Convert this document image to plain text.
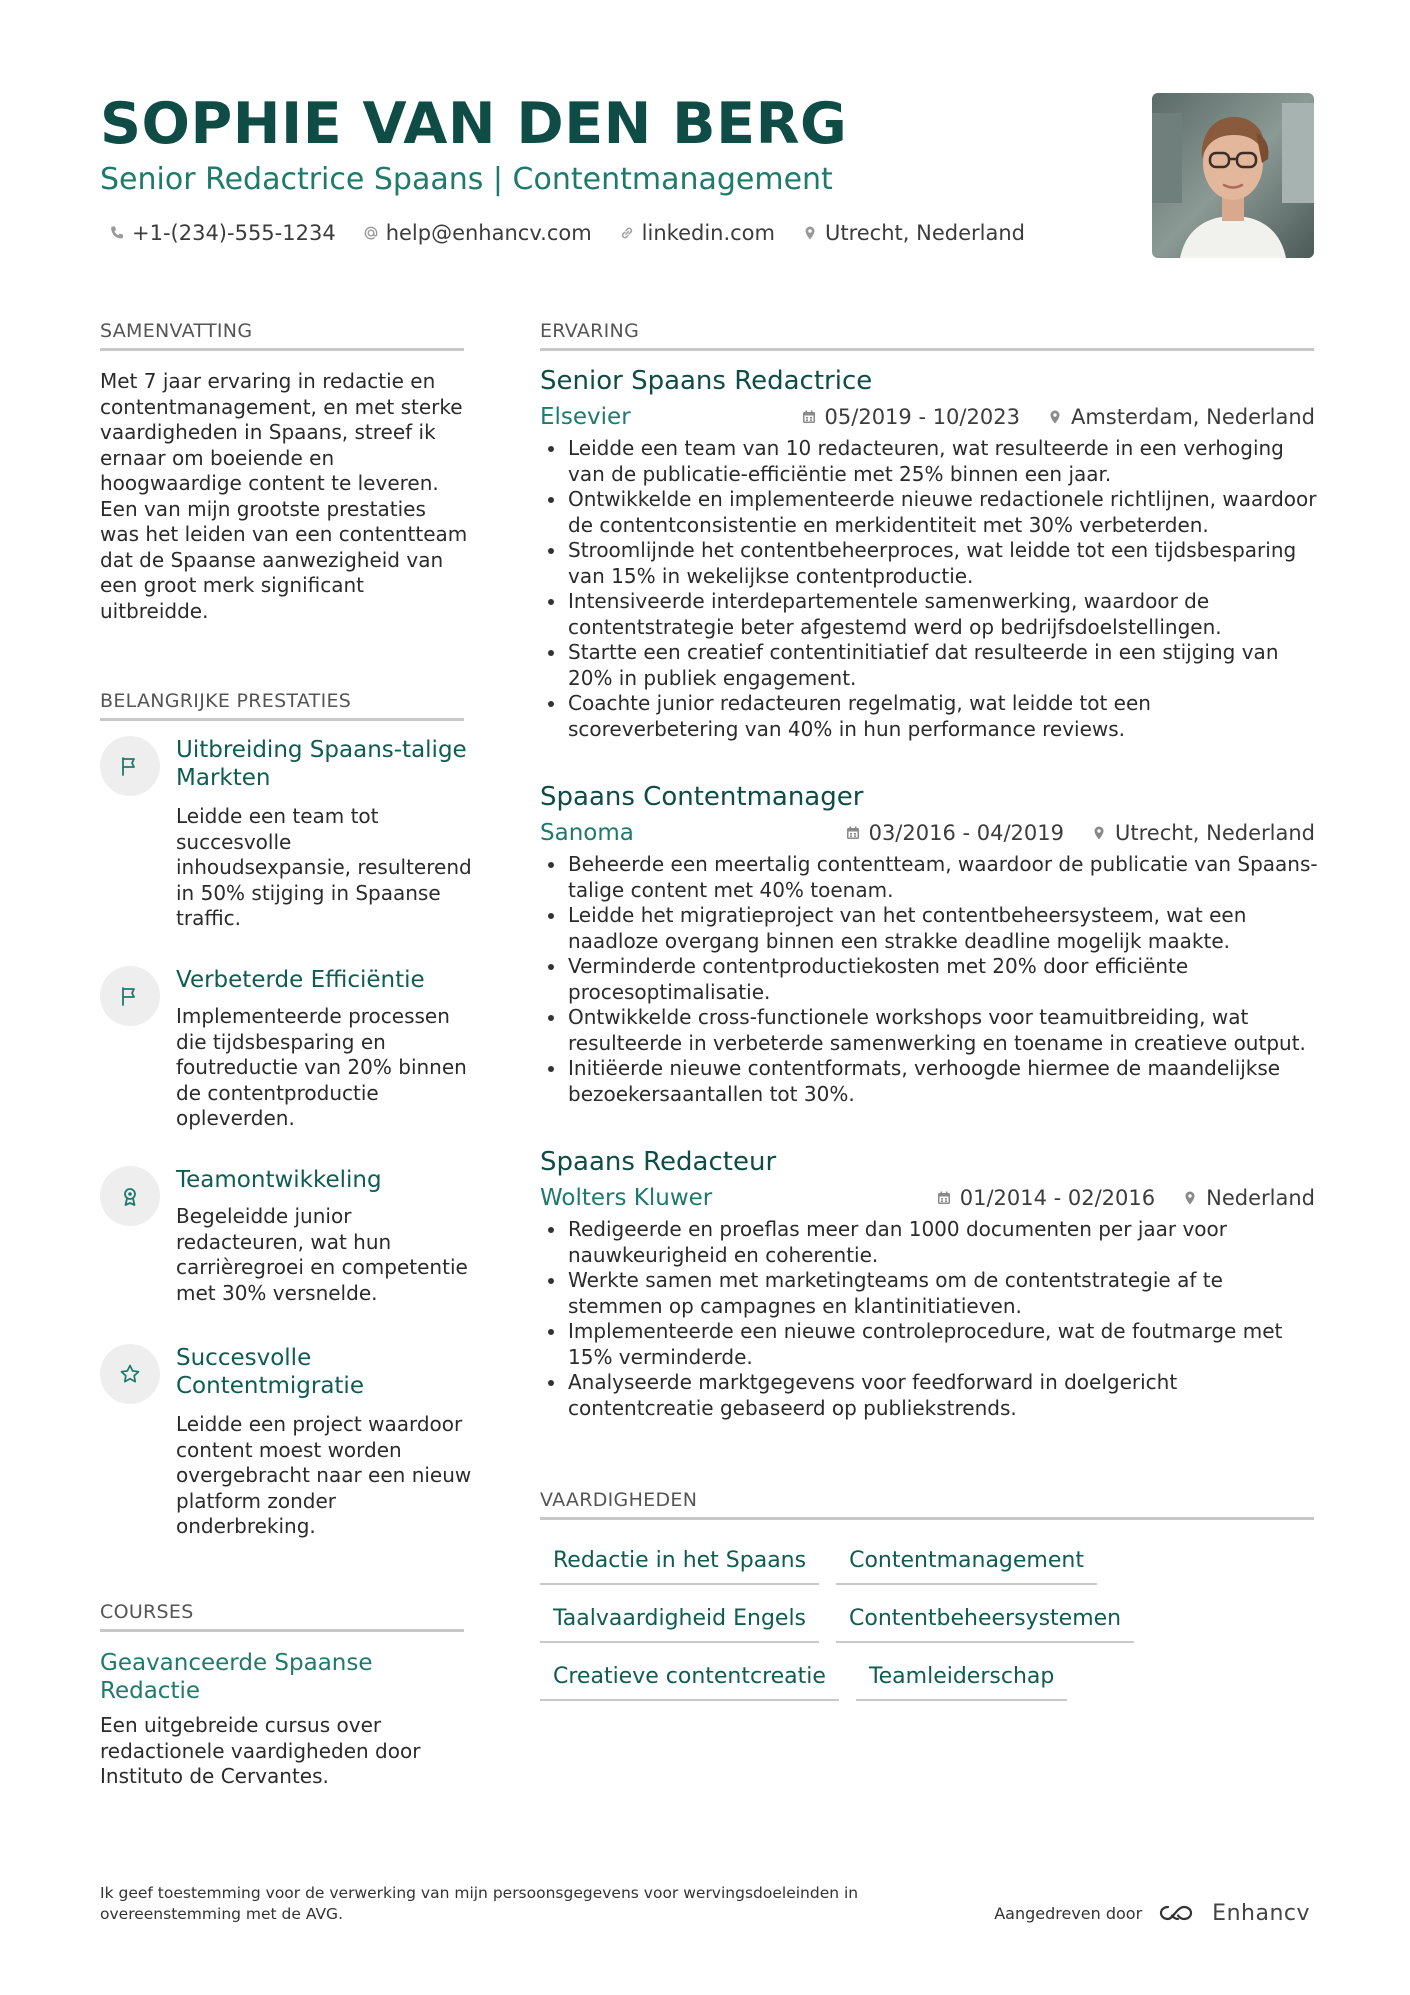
SOPHIE VAN DEN BERG
Senior Redactrice Spaans | Contentmanagement
+1-(234)-555-1234 help@enhancv.com linkedin.com Utrecht, Nederland
SAMENVATTING

Met 7 jaar ervaring in redactie en contentmanagement, en met sterke vaardigheden in Spaans, streef ik ernaar om boeiende en hoogwaardige content te leveren. Een van mijn grootste prestaties was het leiden van een contentteam dat de Spaanse aanwezigheid van een groot merk significant uitbreidde.

BELANGRIJKE PRESTATIES
Uitbreiding Spaans-talige Markten
Leidde een team tot succesvolle inhoudsexpansie, resulterend in 50% stijging in Spaanse traffic.
Verbeterde Efficiëntie
Implementeerde processen die tijdsbesparing en foutreductie van 20% binnen de contentproductie opleverden.
Teamontwikkeling
Begeleidde junior redacteuren, wat hun carrièregroei en competentie met 30% versnelde.
Succesvolle Contentmigratie
Leidde een project waardoor content moest worden overgebracht naar een nieuw platform zonder onderbreking.
COURSES
Geavanceerde Spaanse Redactie
Een uitgebreide cursus over redactionele vaardigheden door Instituto de Cervantes.
ERVARING
Senior Spaans Redactrice
Elsevier	05/2019 - 10/2023 Amsterdam, Nederland
Leidde een team van 10 redacteuren, wat resulteerde in een verhoging van de publicatie-efficiëntie met 25% binnen een jaar.
Ontwikkelde en implementeerde nieuwe redactionele richtlijnen, waardoor de contentconsistentie en merkidentiteit met 30% verbeterden.
Stroomlijnde het contentbeheerproces, wat leidde tot een tijdsbesparing van 15% in wekelijkse contentproductie.
Intensiveerde interdepartementele samenwerking, waardoor de contentstrategie beter afgestemd werd op bedrijfsdoelstellingen.
Startte een creatief contentinitiatief dat resulteerde in een stijging van 20% in publiek engagement.
Coachte junior redacteuren regelmatig, wat leidde tot een scoreverbetering van 40% in hun performance reviews.
Spaans Contentmanager
Sanoma	03/2016 - 04/2019 Utrecht, Nederland
Beheerde een meertalig contentteam, waardoor de publicatie van Spaans-talige content met 40% toenam.
Leidde het migratieproject van het contentbeheersysteem, wat een naadloze overgang binnen een strakke deadline mogelijk maakte.
Verminderde contentproductiekosten met 20% door efficiënte procesoptimalisatie.
Ontwikkelde cross-functionele workshops voor teamuitbreiding, wat resulteerde in verbeterde samenwerking en toename in creatieve output.
Initiëerde nieuwe contentformats, verhoogde hiermee de maandelijkse bezoekersaantallen tot 30%.
Spaans Redacteur
Wolters Kluwer	01/2014 - 02/2016 Nederland
Redigeerde en proeflas meer dan 1000 documenten per jaar voor nauwkeurigheid en coherentie.
Werkte samen met marketingteams om de contentstrategie af te stemmen op campagnes en klantinitiatieven.
Implementeerde een nieuwe controleprocedure, wat de foutmarge met 15% verminderde.
Analyseerde marktgegevens voor feedforward in doelgericht contentcreatie gebaseerd op publiekstrends.
VAARDIGHEDEN
Redactie in het Spaans	Contentmanagement
Taalvaardigheid Engels	Contentbeheersystemen
Creatieve contentcreatie	Teamleiderschap
Ik geef toestemming voor de verwerking van mijn persoonsgegevens voor wervingsdoeleinden in overeenstemming met de AVG.	Aangedreven door	Enhancv
